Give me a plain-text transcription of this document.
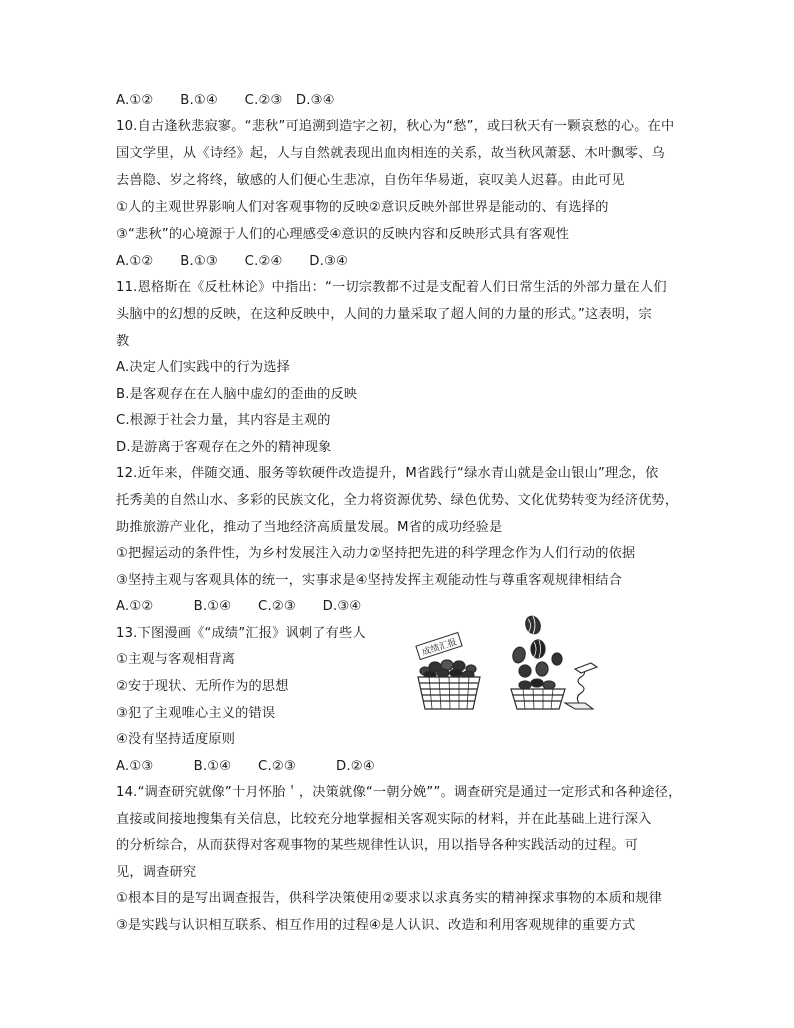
A.①②　　B.①④　　C.②③　D.③④
10.自古逢秋悲寂寥。“悲秋”可追溯到造字之初，秋心为“愁”，或曰秋天有一颗哀愁的心。在中
国文学里，从《诗经》起，人与自然就表现出血肉相连的关系，故当秋风萧瑟、木叶飘零、乌
去兽隐、岁之将终，敏感的人们便心生悲凉，自伤年华易逝，哀叹美人迟暮。由此可见
①人的主观世界影响人们对客观事物的反映②意识反映外部世界是能动的、有选择的
③“悲秋”的心境源于人们的心理感受④意识的反映内容和反映形式具有客观性
A.①②　　B.①③　　C.②④　　D.③④
11.恩格斯在《反杜林论》中指出：“一切宗教都不过是支配着人们日常生活的外部力量在人们
头脑中的幻想的反映，在这种反映中，人间的力量采取了超人间的力量的形式。”这表明，宗
教
A.决定人们实践中的行为选择
B.是客观存在在人脑中虚幻的歪曲的反映
C.根源于社会力量，其内容是主观的
D.是游离于客观存在之外的精神现象
12.近年来，伴随交通、服务等软硬件改造提升，M省践行“绿水青山就是金山银山”理念，依
托秀美的自然山水、多彩的民族文化，全力将资源优势、绿色优势、文化优势转变为经济优势，
助推旅游产业化，推动了当地经济高质量发展。M省的成功经验是
①把握运动的条件性，为乡村发展注入动力②坚持把先进的科学理念作为人们行动的依据
③坚持主观与客观具体的统一，实事求是④坚持发挥主观能动性与尊重客观规律相结合
A.①②　　　B.①④　　C.②③　　D.③④
13.下图漫画《“成绩”汇报》讽刺了有些人
①主观与客观相背离
②安于现状、无所作为的思想
③犯了主观唯心主义的错误
④没有坚持适度原则
A.①③　　　B.①④　　C.②③　　　D.②④
14.“调查研究就像”十月怀胎＇，决策就像“一朝分娩””。调查研究是通过一定形式和各种途径，
直接或间接地搜集有关信息，比较充分地掌握相关客观实际的材料，并在此基础上进行深入
的分析综合，从而获得对客观事物的某些规律性认识，用以指导各种实践活动的过程。可
见，调查研究
①根本目的是写出调查报告，供科学决策使用②要求以求真务实的精神探求事物的本质和规律
③是实践与认识相互联系、相互作用的过程④是人认识、改造和利用客观规律的重要方式
成绩汇报
